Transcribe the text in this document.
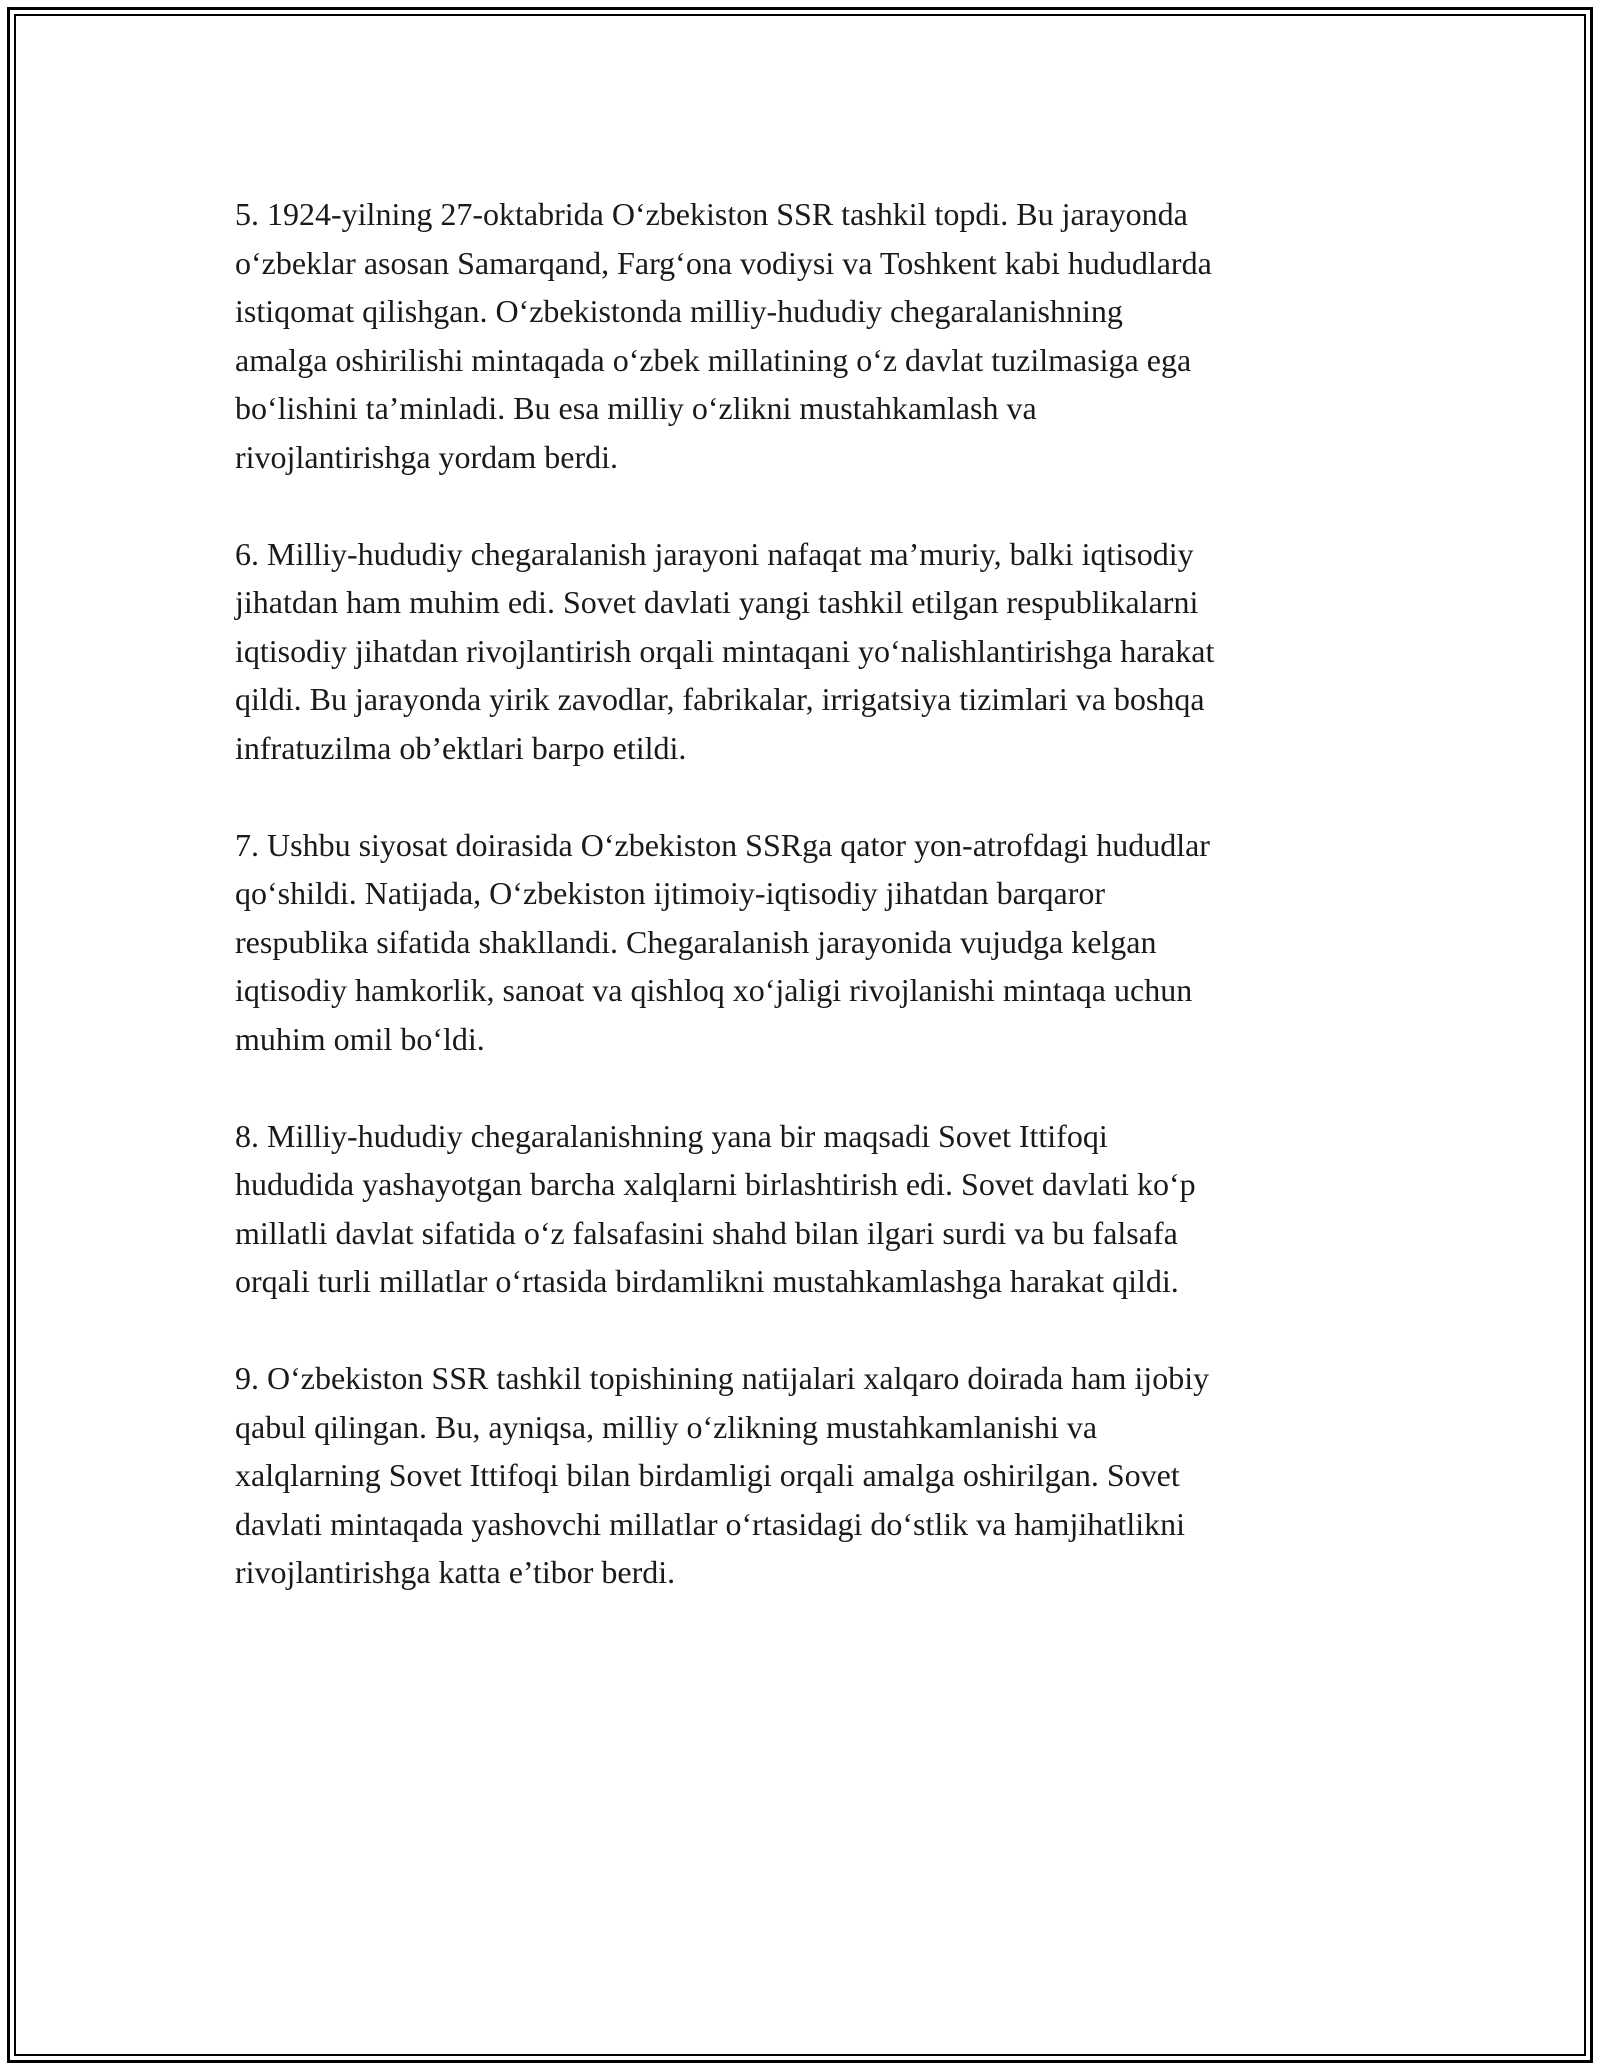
5. 1924-yilning 27-oktabrida O‘zbekiston SSR tashkil topdi. Bu jarayonda
o‘zbeklar asosan Samarqand, Farg‘ona vodiysi va Toshkent kabi hududlarda
istiqomat qilishgan. O‘zbekistonda milliy-hududiy chegaralanishning
amalga oshirilishi mintaqada o‘zbek millatining o‘z davlat tuzilmasiga ega
bo‘lishini ta’minladi. Bu esa milliy o‘zlikni mustahkamlash va
rivojlantirishga yordam berdi.

6. Milliy-hududiy chegaralanish jarayoni nafaqat ma’muriy, balki iqtisodiy
jihatdan ham muhim edi. Sovet davlati yangi tashkil etilgan respublikalarni
iqtisodiy jihatdan rivojlantirish orqali mintaqani yo‘nalishlantirishga harakat
qildi. Bu jarayonda yirik zavodlar, fabrikalar, irrigatsiya tizimlari va boshqa
infratuzilma ob’ektlari barpo etildi.

7. Ushbu siyosat doirasida O‘zbekiston SSRga qator yon-atrofdagi hududlar
qo‘shildi. Natijada, O‘zbekiston ijtimoiy-iqtisodiy jihatdan barqaror
respublika sifatida shakllandi. Chegaralanish jarayonida vujudga kelgan
iqtisodiy hamkorlik, sanoat va qishloq xo‘jaligi rivojlanishi mintaqa uchun
muhim omil bo‘ldi.

8. Milliy-hududiy chegaralanishning yana bir maqsadi Sovet Ittifoqi
hududida yashayotgan barcha xalqlarni birlashtirish edi. Sovet davlati ko‘p
millatli davlat sifatida o‘z falsafasini shahd bilan ilgari surdi va bu falsafa
orqali turli millatlar o‘rtasida birdamlikni mustahkamlashga harakat qildi.

9. O‘zbekiston SSR tashkil topishining natijalari xalqaro doirada ham ijobiy
qabul qilingan. Bu, ayniqsa, milliy o‘zlikning mustahkamlanishi va
xalqlarning Sovet Ittifoqi bilan birdamligi orqali amalga oshirilgan. Sovet
davlati mintaqada yashovchi millatlar o‘rtasidagi do‘stlik va hamjihatlikni
rivojlantirishga katta e’tibor berdi.
